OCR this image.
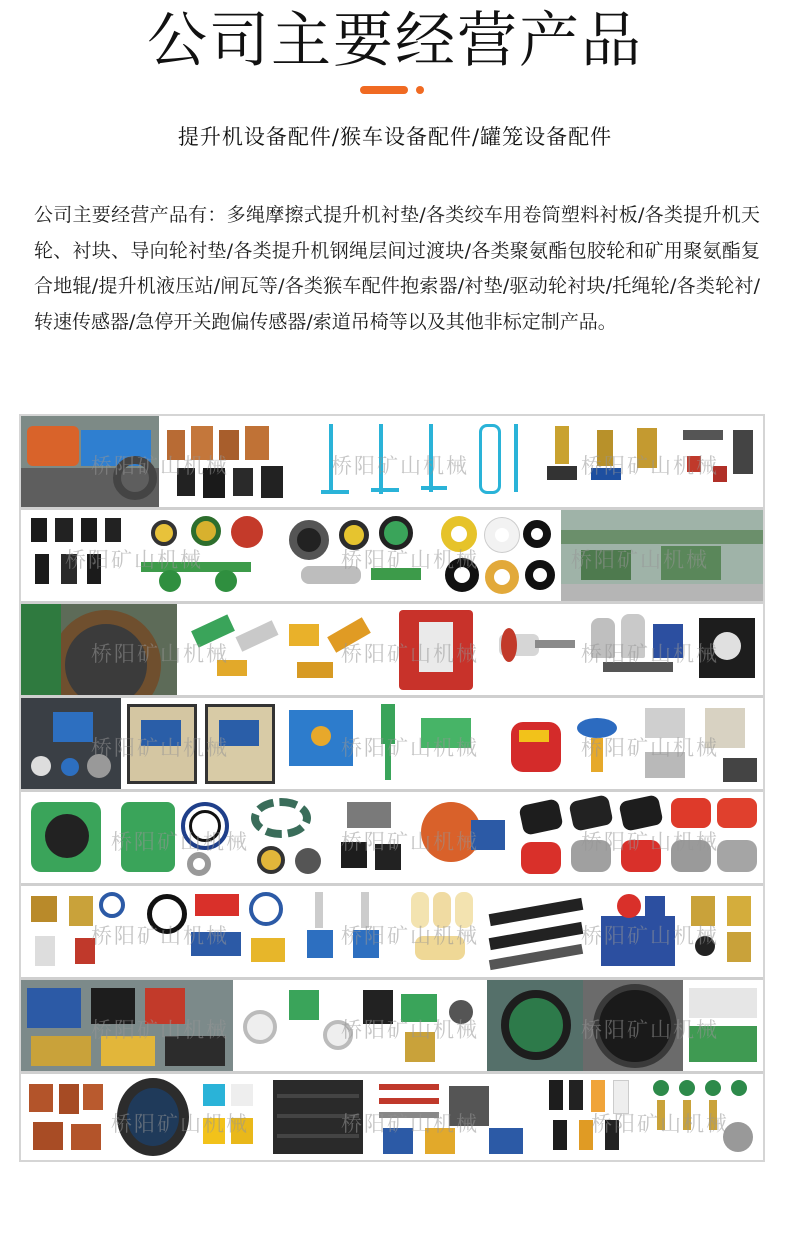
公司主要经营产品
提升机设备配件/猴车设备配件/罐笼设备配件

公司主要经营产品有：多绳摩擦式提升机衬垫/各类绞车用卷筒塑料衬板/各类提升机天轮、衬块、导向轮衬垫/各类提升机钢绳层间过渡块/各类聚氨酯包胶轮和矿用聚氨酯复合地辊/提升机液压站/闸瓦等/各类猴车配件抱索器/衬垫/驱动轮衬块/托绳轮/各类轮衬/转速传感器/急停开关跑偏传感器/索道吊椅等以及其他非标定制产品。

桥阳矿山机械	桥阳矿山机械	桥阳矿山机械
桥阳矿山机械	桥阳矿山机械	桥阳矿山机械
桥阳矿山机械	桥阳矿山机械	桥阳矿山机械
桥阳矿山机械	桥阳矿山机械	桥阳矿山机械
桥阳矿山机械	桥阳矿山机械	桥阳矿山机械
桥阳矿山机械	桥阳矿山机械	桥阳矿山机械
桥阳矿山机械	桥阳矿山机械	桥阳矿山机械
桥阳矿山机械	桥阳矿山机械	桥阳矿山机械
